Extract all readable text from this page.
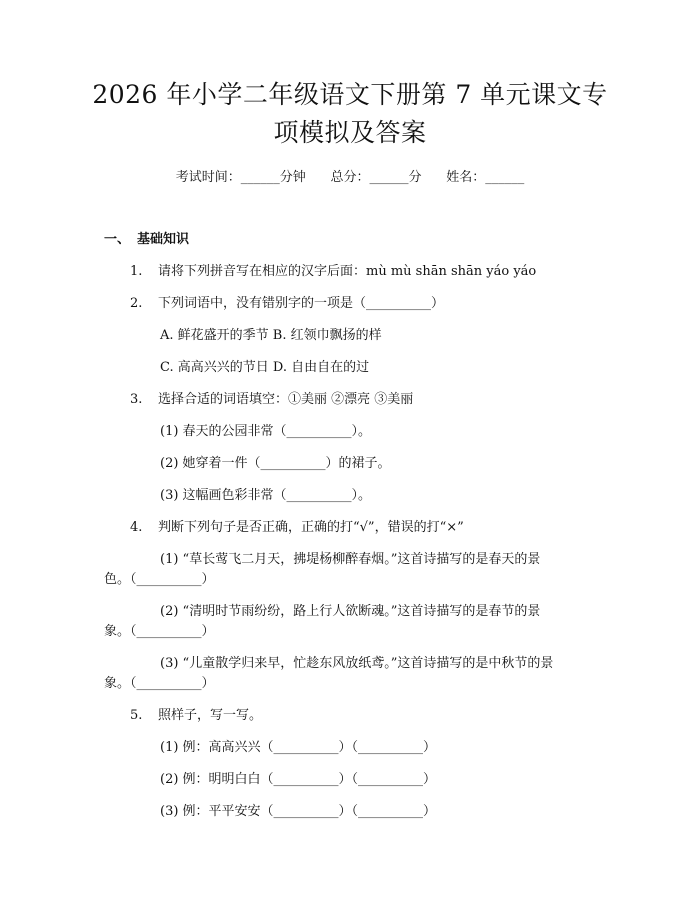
2026 年小学二年级语文下册第 7 单元课文专
项模拟及答案
考试时间：______分钟      总分：______分      姓名：______
一、 基础知识
1. 请将下列拼音写在相应的汉字后面：mù mù shān shān yáo yáo
2. 下列词语中，没有错别字的一项是（__________）
A. 鲜花盛开的季节 B. 红领巾飘扬的样
C. 高高兴兴的节日 D. 自由自在的过
3. 选择合适的词语填空：①美丽 ②漂亮 ③美丽
(1) 春天的公园非常（__________）。
(2) 她穿着一件（__________）的裙子。
(3) 这幅画色彩非常（__________）。
4. 判断下列句子是否正确，正确的打“√”，错误的打“×”
(1) “草长莺飞二月天，拂堤杨柳醉春烟。”这首诗描写的是春天的景
色。（__________）
(2) “清明时节雨纷纷，路上行人欲断魂。”这首诗描写的是春节的景
象。（__________）
(3) “儿童散学归来早，忙趁东风放纸鸢。”这首诗描写的是中秋节的景
象。（__________）
5. 照样子，写一写。
(1) 例：高高兴兴（__________）（__________）
(2) 例：明明白白（__________）（__________）
(3) 例：平平安安（__________）（__________）
